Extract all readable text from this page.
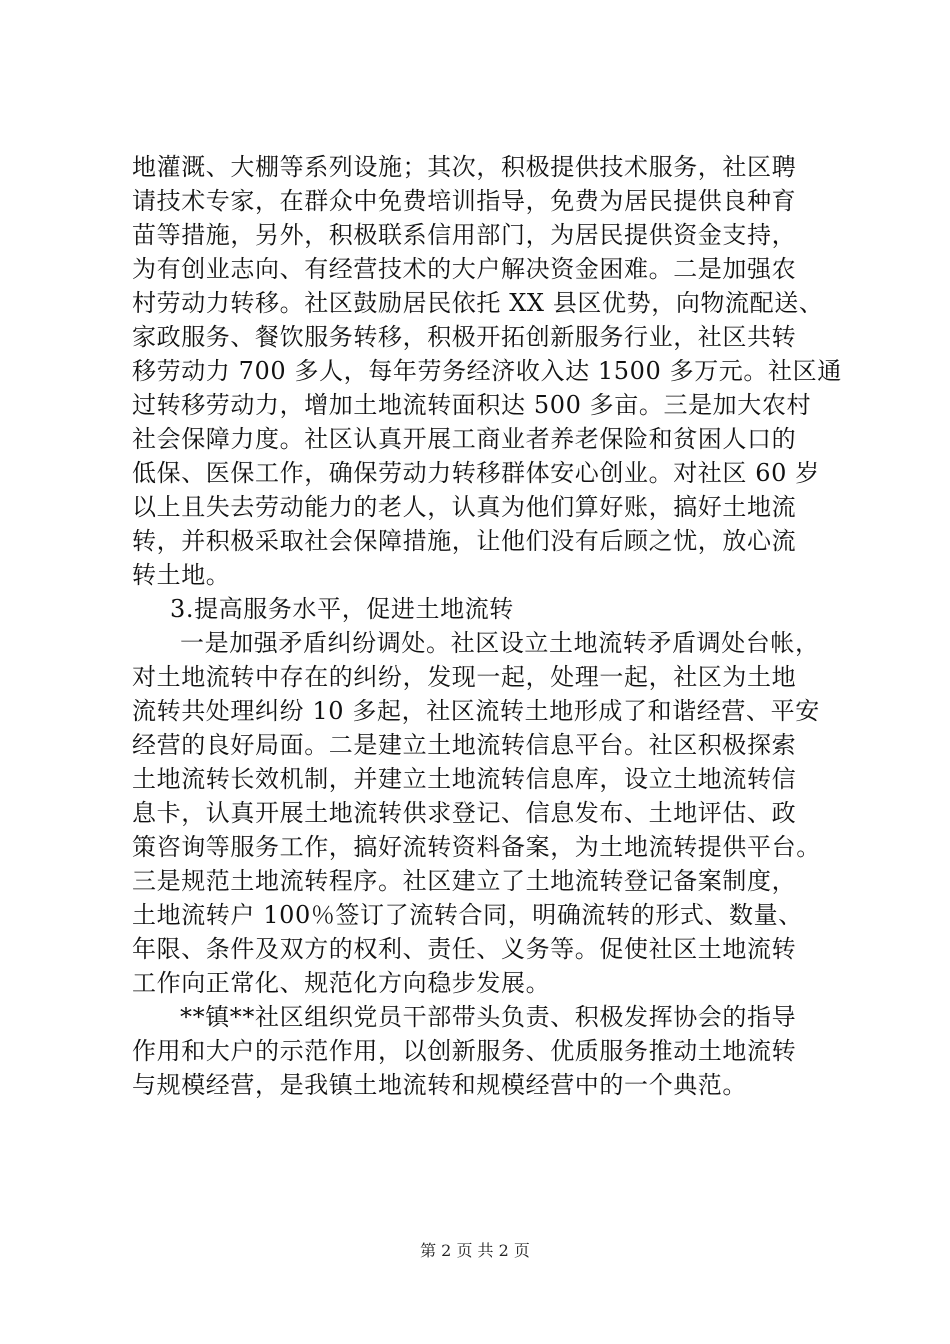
地灌溉、大棚等系列设施；其次，积极提供技术服务，社区聘
请技术专家，在群众中免费培训指导，免费为居民提供良种育
苗等措施，另外，积极联系信用部门，为居民提供资金支持，
为有创业志向、有经营技术的大户解决资金困难。二是加强农
村劳动力转移。社区鼓励居民依托 XX 县区优势，向物流配送、
家政服务、餐饮服务转移，积极开拓创新服务行业，社区共转
移劳动力 700 多人，每年劳务经济收入达 1500 多万元。社区通
过转移劳动力，增加土地流转面积达 500 多亩。三是加大农村
社会保障力度。社区认真开展工商业者养老保险和贫困人口的
低保、医保工作，确保劳动力转移群体安心创业。对社区 60 岁
以上且失去劳动能力的老人，认真为他们算好账，搞好土地流
转，并积极采取社会保障措施，让他们没有后顾之忧，放心流
转土地。
3.提高服务水平，促进土地流转
一是加强矛盾纠纷调处。社区设立土地流转矛盾调处台帐，
对土地流转中存在的纠纷，发现一起，处理一起，社区为土地
流转共处理纠纷 10 多起，社区流转土地形成了和谐经营、平安
经营的良好局面。二是建立土地流转信息平台。社区积极探索
土地流转长效机制，并建立土地流转信息库，设立土地流转信
息卡，认真开展土地流转供求登记、信息发布、土地评估、政
策咨询等服务工作，搞好流转资料备案，为土地流转提供平台。
三是规范土地流转程序。社区建立了土地流转登记备案制度，
土地流转户 100％签订了流转合同，明确流转的形式、数量、
年限、条件及双方的权利、责任、义务等。促使社区土地流转
工作向正常化、规范化方向稳步发展。
**镇**社区组织党员干部带头负责、积极发挥协会的指导
作用和大户的示范作用，以创新服务、优质服务推动土地流转
与规模经营，是我镇土地流转和规模经营中的一个典范。
第 2 页 共 2 页
